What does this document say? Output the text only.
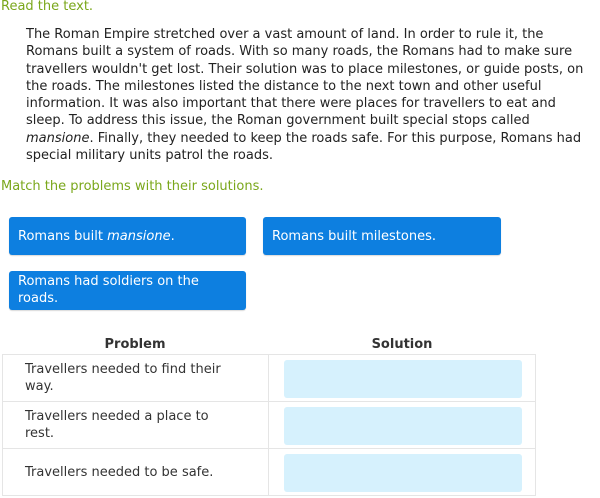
Read the text.

The Roman Empire stretched over a vast amount of land. In order to rule it, the Romans built a system of roads. With so many roads, the Romans had to make sure travellers wouldn't get lost. Their solution was to place milestones, or guide posts, on the roads. The milestones listed the distance to the next town and other useful information. It was also important that there were places for travellers to eat and sleep. To address this issue, the Roman government built special stops called mansione. Finally, they needed to keep the roads safe. For this purpose, Romans had special military units patrol the roads.

Match the problems with their solutions.
Romans built mansione.	Romans built milestones.
Romans had soldiers on the roads.
Problem	Solution
Travellers needed to find their way.
Travellers needed a place to rest.
Travellers needed to be safe.
